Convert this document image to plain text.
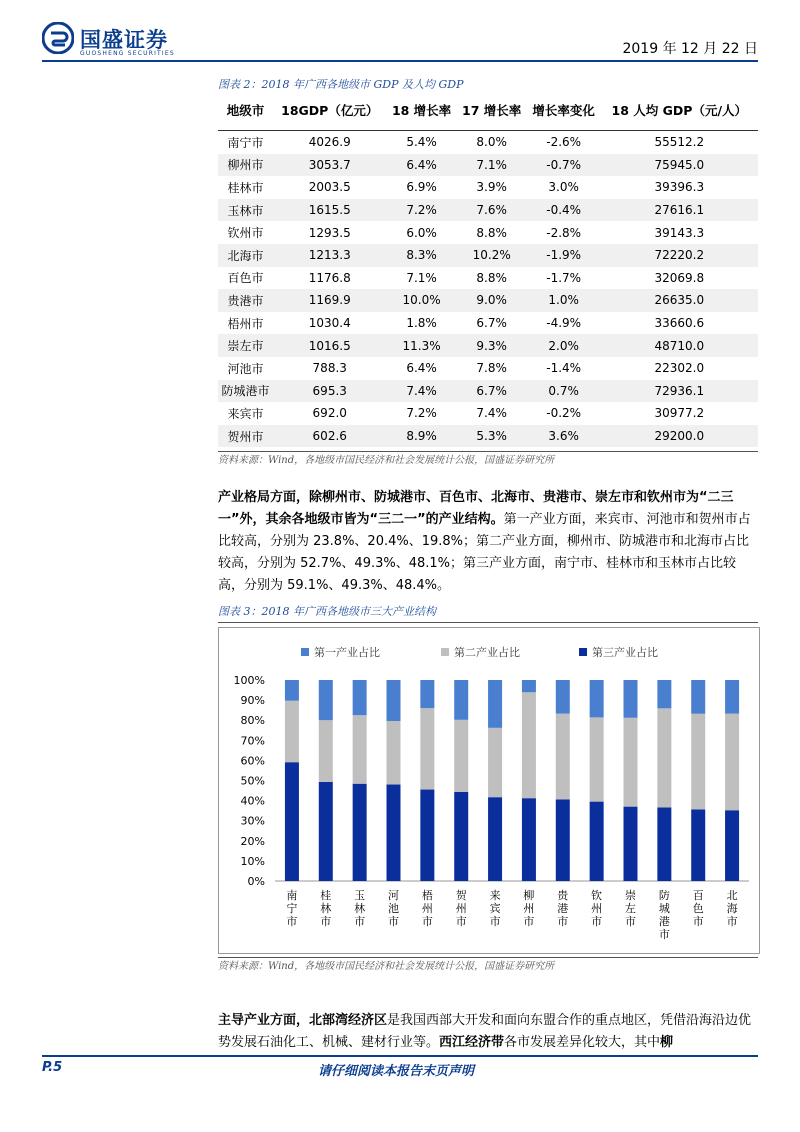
国盛证券
GUOSHENG SECURITIES	2019 年 12 月 22 日
图表 2：2018 年广西各地级市 GDP 及人均 GDP
地级市	18GDP（亿元）	18 增长率	17 增长率	增长率变化	18 人均 GDP（元/人）
南宁市	4026.9	5.4%	8.0%	-2.6%	55512.2
柳州市	3053.7	6.4%	7.1%	-0.7%	75945.0
桂林市	2003.5	6.9%	3.9%	3.0%	39396.3
玉林市	1615.5	7.2%	7.6%	-0.4%	27616.1
钦州市	1293.5	6.0%	8.8%	-2.8%	39143.3
北海市	1213.3	8.3%	10.2%	-1.9%	72220.2
百色市	1176.8	7.1%	8.8%	-1.7%	32069.8
贵港市	1169.9	10.0%	9.0%	1.0%	26635.0
梧州市	1030.4	1.8%	6.7%	-4.9%	33660.6
崇左市	1016.5	11.3%	9.3%	2.0%	48710.0
河池市	788.3	6.4%	7.8%	-1.4%	22302.0
防城港市	695.3	7.4%	6.7%	0.7%	72936.1
来宾市	692.0	7.2%	7.4%	-0.2%	30977.2
贺州市	602.6	8.9%	5.3%	3.6%	29200.0
资料来源：Wind，各地级市国民经济和社会发展统计公报，国盛证券研究所
产业格局方面，除柳州市、防城港市、百色市、北海市、贵港市、崇左市和钦州市为“二三一”外，其余各地级市皆为“三二一”的产业结构。第一产业方面，来宾市、河池市和贺州市占比较高，分别为 23.8%、20.4%、19.8%；第二产业方面，柳州市、防城港市和北海市占比较高，分别为 52.7%、49.3%、48.1%；第三产业方面，南宁市、桂林市和玉林市占比较高，分别为 59.1%、49.3%、48.4%。
图表 3：2018 年广西各地级市三大产业结构
第一产业占比	第二产业占比	第三产业占比
0%
10%
20%
30%
40%
50%
60%
70%
80%
90%
100%
南宁市
桂林市
玉林市
河池市
梧州市
贺州市
来宾市
柳州市
贵港市
钦州市
崇左市
防城港市
百色市
北海市
资料来源：Wind，各地级市国民经济和社会发展统计公报，国盛证券研究所
主导产业方面，北部湾经济区是我国西部大开发和面向东盟合作的重点地区，凭借沿海沿边优势发展石油化工、机械、建材行业等。西江经济带各市发展差异化较大，其中柳
P.5	请仔细阅读本报告末页声明
